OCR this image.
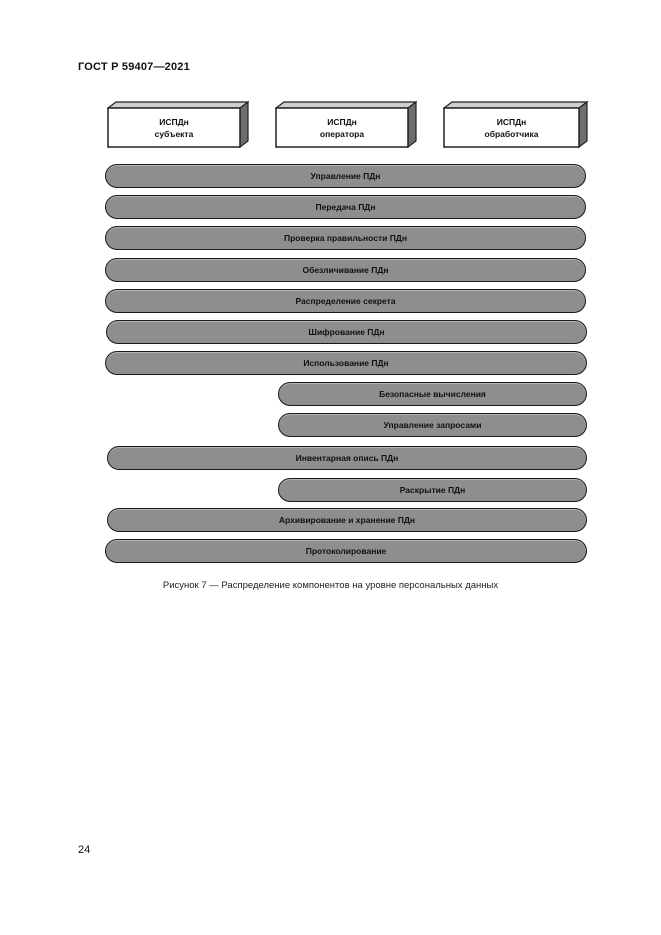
ГОСТ Р 59407—2021
ИСПДн
субъекта
ИСПДн
оператора
ИСПДн
обработчика
Управление ПДн
Передача ПДн
Проверка правильности ПДн
Обезличивание ПДн
Распределение секрета
Шифрование ПДн
Использование ПДн
Безопасные вычисления
Управление запросами
Инвентарная опись ПДн
Раскрытие ПДн
Архивирование и хранение ПДн
Протоколирование
Рисунок 7 — Распределение компонентов на уровне персональных данных
24
